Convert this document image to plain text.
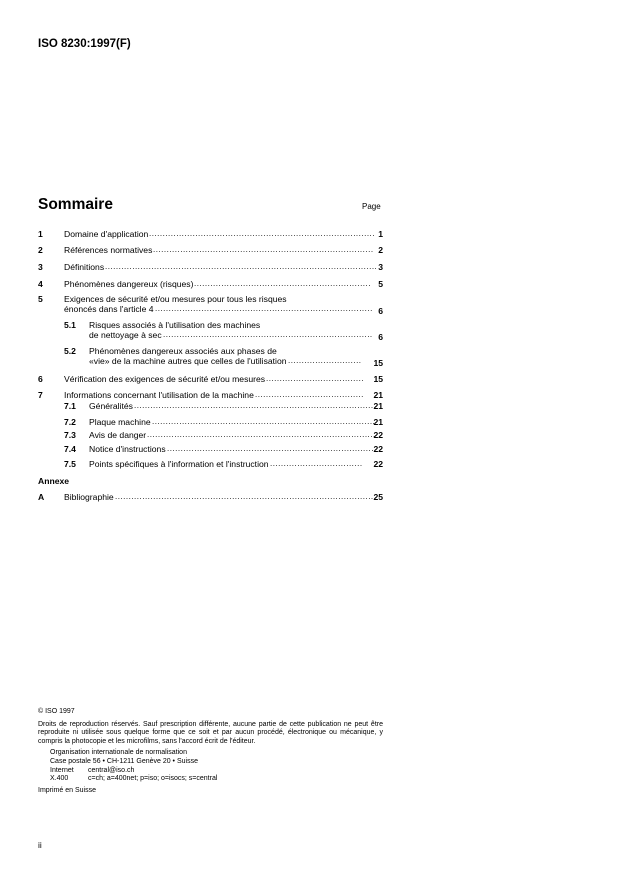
ISO 8230:1997(F)
Sommaire	Page
1 Domaine d'application ................................................................................... 1
2 Références normatives ................................................................................. 2
3 Définitions .................................................................................................... 3
4 Phénomènes dangereux (risques) ................................................................. 5
5 Exigences de sécurité et/ou mesures pour tous les risques
énoncés dans l'article 4 ................................................................................ 6
5.1 Risques associés à l'utilisation des machines
de nettoyage à sec ............................................................................. 6
5.2 Phénomènes dangereux associés aux phases de
«vie» de la machine autres que celles de l'utilisation ........................... 15
6 Vérification des exigences de sécurité et/ou mesures .................................... 15
7 Informations concernant l'utilisation de la machine ........................................ 21
7.1 Généralités .........................................................................................
21
7.2 Plaque machine ..................................................................................
21
7.3 Avis de danger ....................................................................................
22
7.4 Notice d'instructions ............................................................................ 22
7.5 Points spécifiques à l'information et l'instruction .................................. 22
A Bibliographie ................................................................................................
25
Annexe
© ISO 1997
Droits de reproduction réservés. Sauf prescription différente, aucune partie de cette publication ne peut être reproduite ni utilisée sous quelque forme que ce soit et par aucun procédé, électronique ou mécanique, y compris la photocopie et les microfilms, sans l'accord écrit de l'éditeur.
Organisation internationale de normalisation
Case postale 56 • CH-1211 Genève 20 • Suisse
Internet central@iso.ch
X.400	c=ch; a=400net; p=iso; o=isocs; s=central
Imprimé en Suisse
ii
